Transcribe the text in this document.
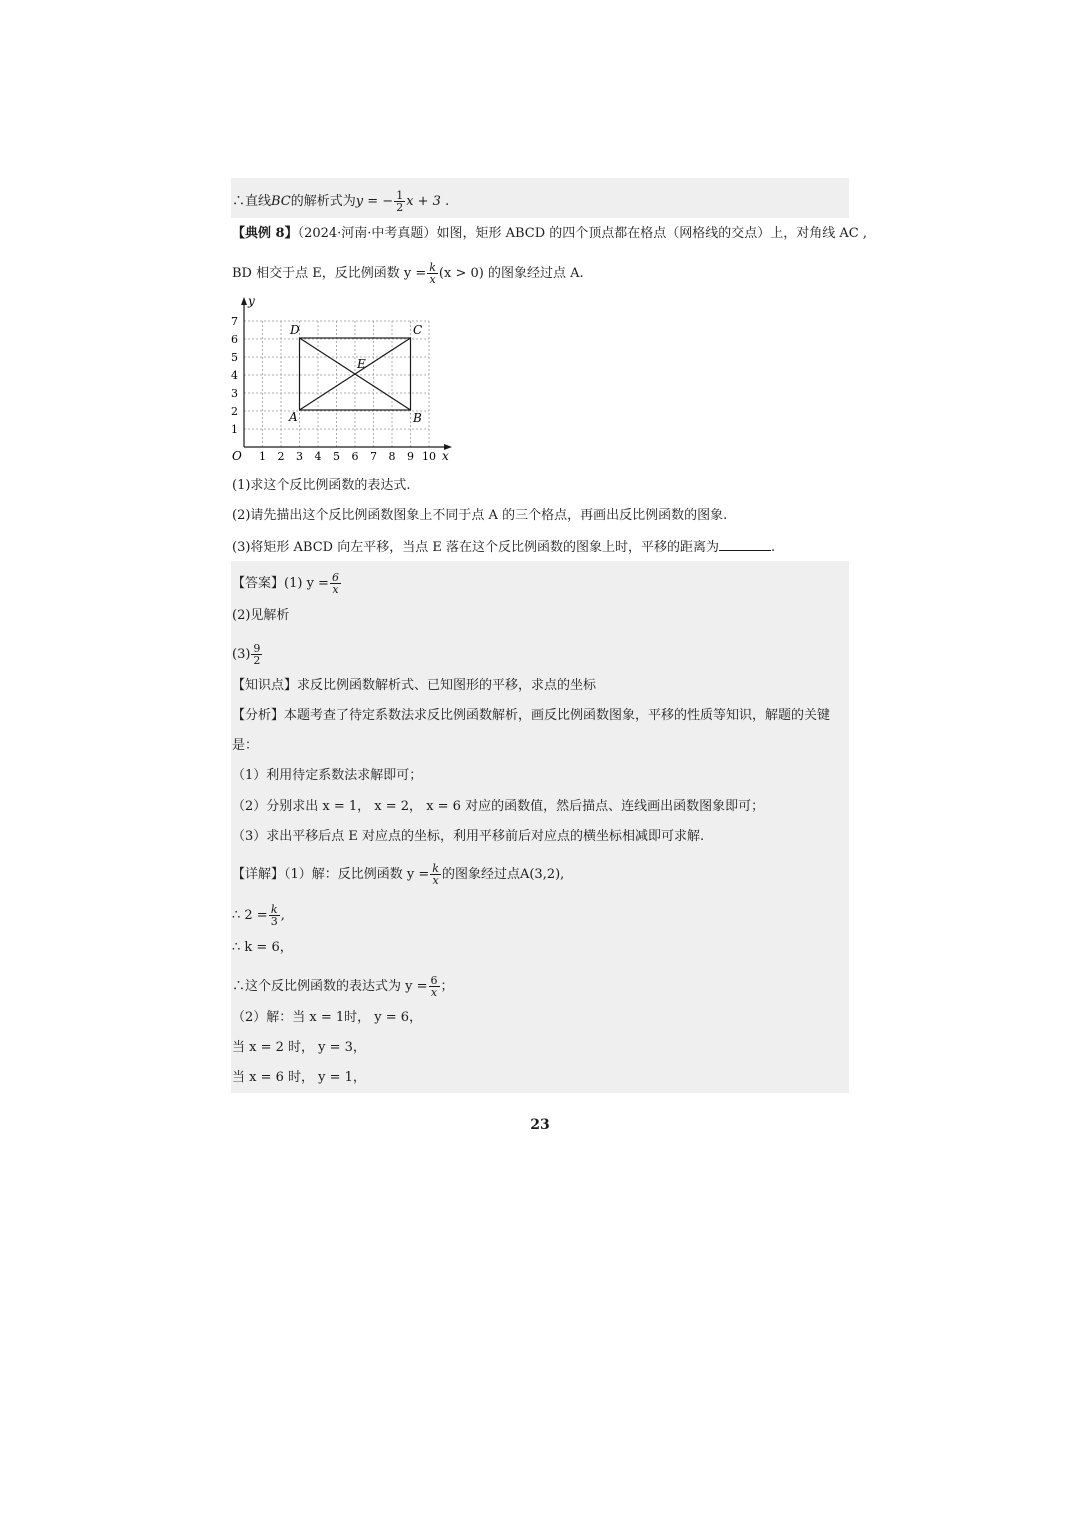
∴直线BC的解析式为y = − $\frac{1}{2}$ x + 3 .
【典例 8】（2024·河南·中考真题）如图，矩形 ABCD 的四个顶点都在格点（网格线的交点）上，对角线 AC ,
BD 相交于点 E，反比例函数 $y = \frac{k}{x} (x > 0)$ 的图象经过点 A.
x
y
O 1 2 3 4 5 6 7 8 9 10
1
2
3
4
5
6
7
A	B
C
D
E
(1)求这个反比例函数的表达式.
(2)请先描出这个反比例函数图象上不同于点 A 的三个格点，再画出反比例函数的图象.
(3)将矩形 ABCD 向左平移，当点 E 落在这个反比例函数的图象上时，平移的距离为	.
【答案】(1) $y = \frac{6}{x}$
(2)见解析
$(3) \frac{9}{2}$
【知识点】求反比例函数解析式、已知图形的平移，求点的坐标
【分析】本题考查了待定系数法求反比例函数解析，画反比例函数图象，平移的性质等知识，解题的关键
是：
（1）利用待定系数法求解即可；
（2）分别求出 x = 1， x = 2， x = 6 对应的函数值，然后描点、连线画出函数图象即可；
（3）求出平移后点 E 对应点的坐标，利用平移前后对应点的横坐标相减即可求解.
【详解】（1）解：反比例函数 $y = \frac{k}{x}$ 的图象经过点A(3,2),
∴ $2 = \frac{k}{3}$ ,
∴ k = 6，
∴这个反比例函数的表达式为 $y = \frac{6}{x}$ ；
（2）解：当 x = 1时， y = 6，
当 x = 2 时， y = 3，
当 x = 6 时， y = 1，
23
